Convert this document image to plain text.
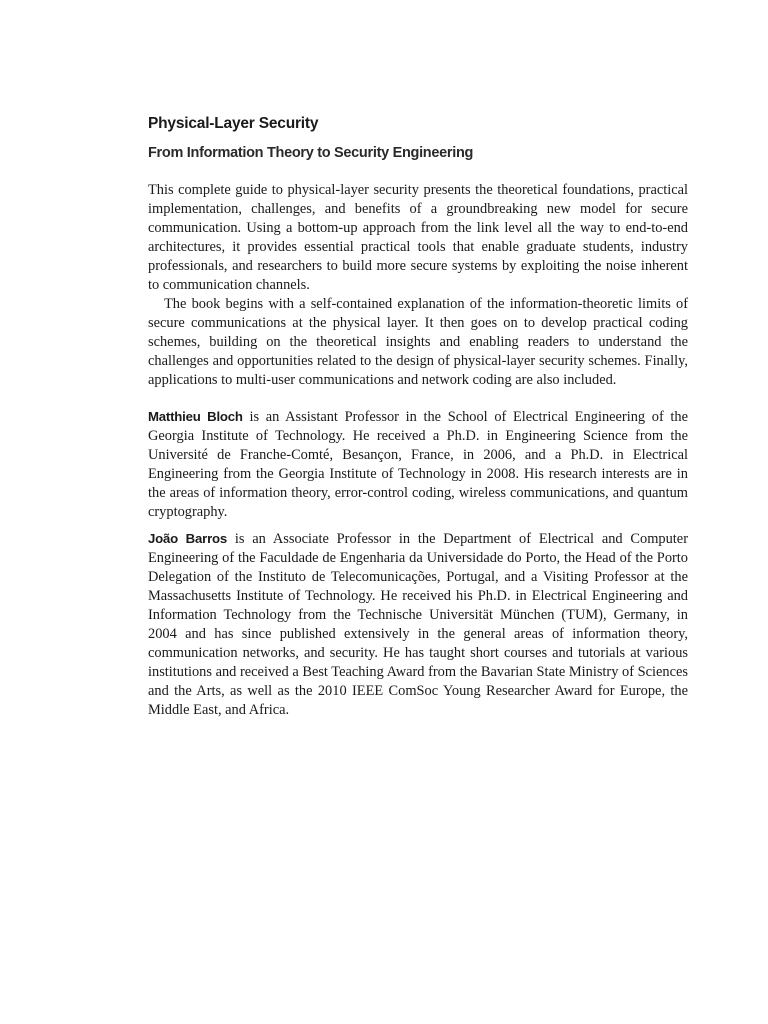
Physical-Layer Security
From Information Theory to Security Engineering

This complete guide to physical-layer security presents the theoretical foundations, practical implementation, challenges, and benefits of a groundbreaking new model for secure communication. Using a bottom-up approach from the link level all the way to end-to-end architectures, it provides essential practical tools that enable graduate students, industry professionals, and researchers to build more secure systems by exploiting the noise inherent to communication channels.

The book begins with a self-contained explanation of the information-theoretic limits of secure communications at the physical layer. It then goes on to develop practical coding schemes, building on the theoretical insights and enabling readers to understand the challenges and opportunities related to the design of physical-layer security schemes. Finally, applications to multi-user communications and network coding are also included.

Matthieu Bloch is an Assistant Professor in the School of Electrical Engineering of the Georgia Institute of Technology. He received a Ph.D. in Engineering Science from the Université de Franche-Comté, Besançon, France, in 2006, and a Ph.D. in Electrical Engineering from the Georgia Institute of Technology in 2008. His research interests are in the areas of information theory, error-control coding, wireless communications, and quantum cryptography.

João Barros is an Associate Professor in the Department of Electrical and Computer Engineering of the Faculdade de Engenharia da Universidade do Porto, the Head of the Porto Delegation of the Instituto de Telecomunicações, Portugal, and a Visiting Professor at the Massachusetts Institute of Technology. He received his Ph.D. in Electrical Engineering and Information Technology from the Technische Universität München (TUM), Germany, in 2004 and has since published extensively in the general areas of information theory, communication networks, and security. He has taught short courses and tutorials at various institutions and received a Best Teaching Award from the Bavarian State Ministry of Sciences and the Arts, as well as the 2010 IEEE ComSoc Young Researcher Award for Europe, the Middle East, and Africa.
